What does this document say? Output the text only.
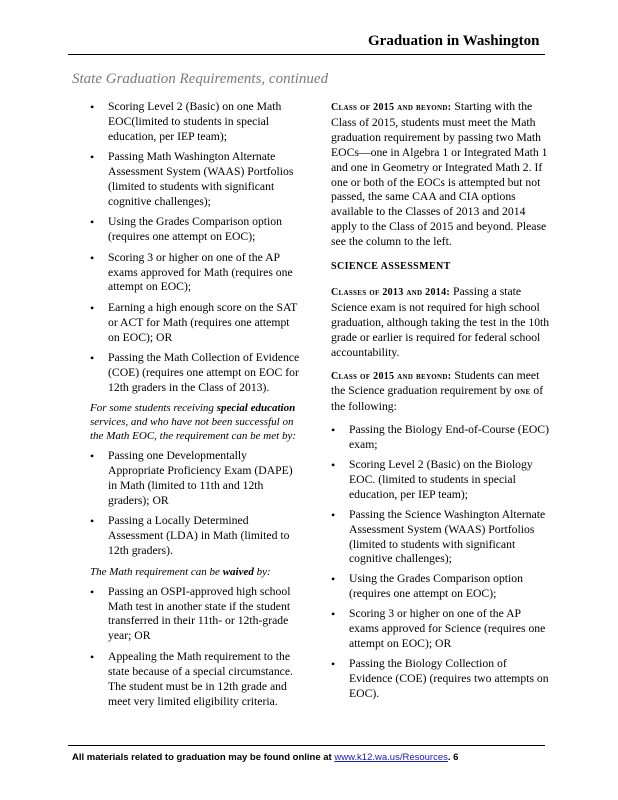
Graduation in Washington
State Graduation Requirements, continued
• Scoring Level 2 (Basic) on one Math EOC(limited to students in special education, per IEP team);
• Passing Math Washington Alternate Assessment System (WAAS) Portfolios (limited to students with significant cognitive challenges);
• Using the Grades Comparison option (requires one attempt on EOC);
• Scoring 3 or higher on one of the AP exams approved for Math (requires one attempt on EOC);
• Earning a high enough score on the SAT or ACT for Math (requires one attempt on EOC); OR
• Passing the Math Collection of Evidence (COE) (requires one attempt on EOC for 12th graders in the Class of 2013).

For some students receiving special education services, and who have not been successful on the Math EOC, the requirement can be met by:

• Passing one Developmentally Appropriate Proficiency Exam (DAPE) in Math (limited to 11th and 12th graders); OR
• Passing a Locally Determined Assessment (LDA) in Math (limited to 12th graders).

The Math requirement can be waived by:

• Passing an OSPI-approved high school Math test in another state if the student transferred in their 11th- or 12th-grade year; OR
• Appealing the Math requirement to the state because of a special circumstance. The student must be in 12th grade and meet very limited eligibility criteria.

Class of 2015 and beyond: Starting with the Class of 2015, students must meet the Math graduation requirement by passing two Math EOCs—one in Algebra 1 or Integrated Math 1 and one in Geometry or Integrated Math 2. If one or both of the EOCs is attempted but not passed, the same CAA and CIA options available to the Classes of 2013 and 2014 apply to the Class of 2015 and beyond. Please see the column to the left.

SCIENCE ASSESSMENT

Classes of 2013 and 2014: Passing a state Science exam is not required for high school graduation, although taking the test in the 10th grade or earlier is required for federal school accountability.

Class of 2015 and beyond: Students can meet the Science graduation requirement by one of the following:

• Passing the Biology End-of-Course (EOC) exam;
• Scoring Level 2 (Basic) on the Biology EOC. (limited to students in special education, per IEP team);
• Passing the Science Washington Alternate Assessment System (WAAS) Portfolios (limited to students with significant cognitive challenges);
• Using the Grades Comparison option (requires one attempt on EOC);
• Scoring 3 or higher on one of the AP exams approved for Science (requires one attempt on EOC); OR
• Passing the Biology Collection of Evidence (COE) (requires two attempts on EOC).
All materials related to graduation may be found online at www.k12.wa.us/Resources. 6
